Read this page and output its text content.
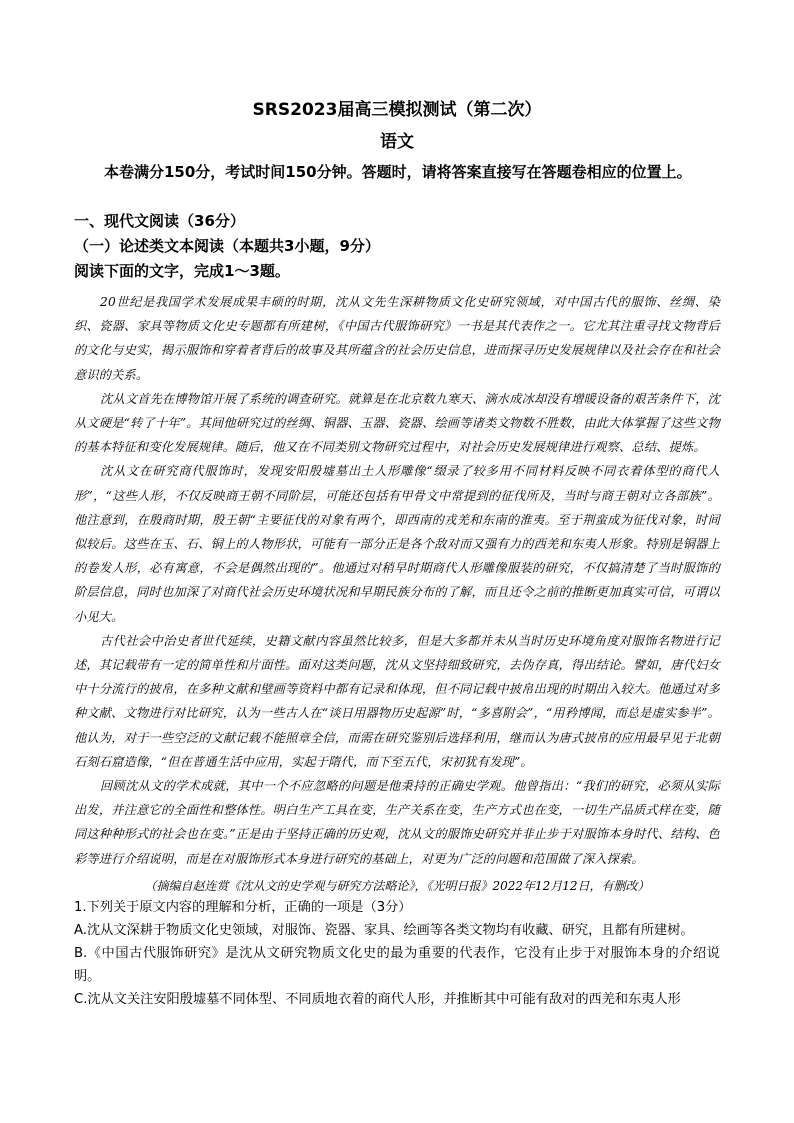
SRS2023届高三模拟测试（第二次）
语文
本卷满分150分，考试时间150分钟。答题时，请将答案直接写在答题卷相应的位置上。
一、现代文阅读（36分）
（一）论述类文本阅读（本题共3小题，9分）
阅读下面的文字，完成1～3题。

20世纪是我国学术发展成果丰硕的时期，沈从文先生深耕物质文化史研究领域，对中国古代的服饰、丝绸、染织、瓷器、家具等物质文化史专题都有所建树，《中国古代服饰研究》一书是其代表作之一。它尤其注重寻找文物背后的文化与史实，揭示服饰和穿着者背后的故事及其所蕴含的社会历史信息，进而探寻历史发展规律以及社会存在和社会意识的关系。

沈从文首先在博物馆开展了系统的调查研究。就算是在北京数九寒天、滴水成冰却没有增暖设备的艰苦条件下，沈从文硬是“转了十年”。其间他研究过的丝绸、铜器、玉器、瓷器、绘画等诸类文物数不胜数，由此大体掌握了这些文物的基本特征和变化发展规律。随后，他又在不同类别文物研究过程中，对社会历史发展规律进行观察、总结、提炼。

沈从文在研究商代服饰时，发现安阳殷墟墓出土人形雕像“缀录了较多用不同材料反映不同衣着体型的商代人形”，“这些人形，不仅反映商王朝不同阶层，可能还包括有甲骨文中常提到的征伐所及，当时与商王朝对立各部族”。他注意到，在殷商时期，殷王朝“主要征伐的对象有两个，即西南的戎羌和东南的淮夷。至于荆蛮成为征伐对象，时间似较后。这些在玉、石、铜上的人物形状，可能有一部分正是各个敌对而又强有力的西羌和东夷人形象。特别是铜器上的卷发人形，必有寓意，不会是偶然出现的”。他通过对稍早时期商代人形雕像服装的研究，不仅搞清楚了当时服饰的阶层信息，同时也加深了对商代社会历史环境状况和早期民族分布的了解，而且还令之前的推断更加真实可信，可谓以小见大。

古代社会中治史者世代延续，史籍文献内容虽然比较多，但是大多都并未从当时历史环境角度对服饰名物进行记述，其记载带有一定的简单性和片面性。面对这类问题，沈从文坚持细致研究，去伪存真，得出结论。譬如，唐代妇女中十分流行的披帛，在多种文献和壁画等资料中都有记录和体现，但不同记载中披帛出现的时期出入较大。他通过对多种文献、文物进行对比研究，认为一些古人在“谈日用器物历史起源”时，“多喜附会”，“用矜博闻，而总是虚实参半”。他认为，对于一些空泛的文献记载不能照章全信，而需在研究鉴别后选择利用，继而认为唐式披帛的应用最早见于北朝石刻石窟造像，“但在普通生活中应用，实起于隋代，而下至五代，宋初犹有发现”。

回顾沈从文的学术成就，其中一个不应忽略的问题是他秉持的正确史学观。他曾指出：“我们的研究，必须从实际出发，并注意它的全面性和整体性。明白生产工具在变，生产关系在变，生产方式也在变，一切生产品质式样在变，随同这种种形式的社会也在变。”正是由于坚持正确的历史观，沈从文的服饰史研究并非止步于对服饰本身时代、结构、色彩等进行介绍说明，而是在对服饰形式本身进行研究的基础上，对更为广泛的问题和范围做了深入探索。

（摘编自赵连赏《沈从文的史学观与研究方法略论》，《光明日报》2022年12月12日，有删改）

1.下列关于原文内容的理解和分析，正确的一项是（3分）

A.沈从文深耕于物质文化史领域，对服饰、瓷器、家具、绘画等各类文物均有收藏、研究，且都有所建树。

B.《中国古代服饰研究》是沈从文研究物质文化史的最为重要的代表作，它没有止步于对服饰本身的介绍说明。

C.沈从文关注安阳殷墟墓不同体型、不同质地衣着的商代人形，并推断其中可能有敌对的西羌和东夷人形
